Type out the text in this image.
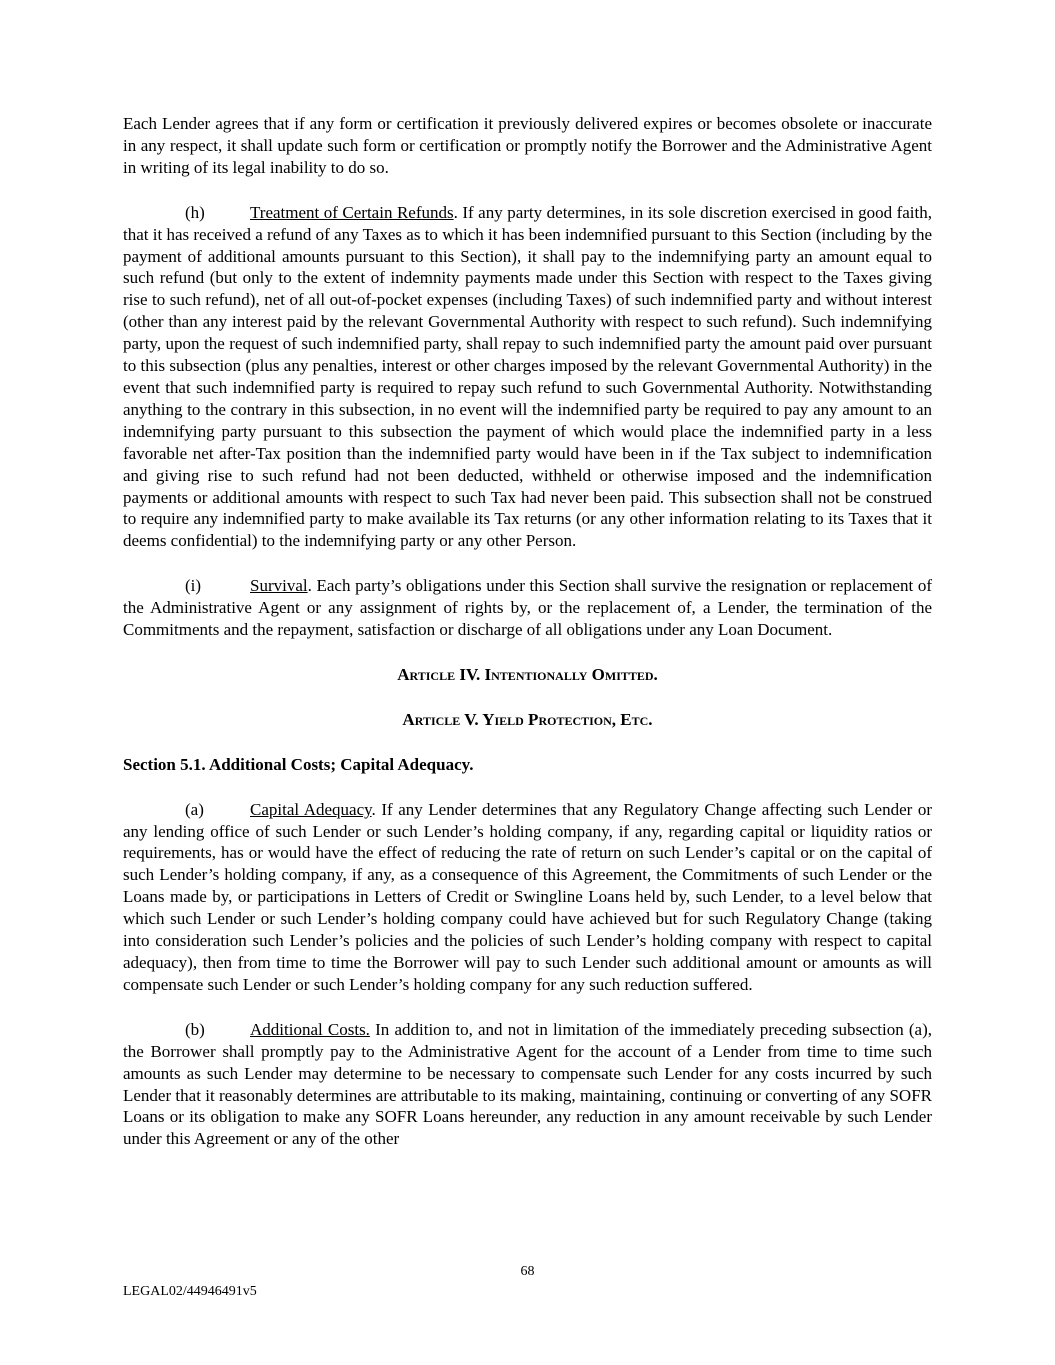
Each Lender agrees that if any form or certification it previously delivered expires or becomes obsolete or inaccurate in any respect, it shall update such form or certification or promptly notify the Borrower and the Administrative Agent in writing of its legal inability to do so.

(h)	Treatment of Certain Refunds. If any party determines, in its sole discretion exercised in good faith, that it has received a refund of any Taxes as to which it has been indemnified pursuant to this Section (including by the payment of additional amounts pursuant to this Section), it shall pay to the indemnifying party an amount equal to such refund (but only to the extent of indemnity payments made under this Section with respect to the Taxes giving rise to such refund), net of all out-of-pocket expenses (including Taxes) of such indemnified party and without interest (other than any interest paid by the relevant Governmental Authority with respect to such refund). Such indemnifying party, upon the request of such indemnified party, shall repay to such indemnified party the amount paid over pursuant to this subsection (plus any penalties, interest or other charges imposed by the relevant Governmental Authority) in the event that such indemnified party is required to repay such refund to such Governmental Authority. Notwithstanding anything to the contrary in this subsection, in no event will the indemnified party be required to pay any amount to an indemnifying party pursuant to this subsection the payment of which would place the indemnified party in a less favorable net after-Tax position than the indemnified party would have been in if the Tax subject to indemnification and giving rise to such refund had not been deducted, withheld or otherwise imposed and the indemnification payments or additional amounts with respect to such Tax had never been paid. This subsection shall not be construed to require any indemnified party to make available its Tax returns (or any other information relating to its Taxes that it deems confidential) to the indemnifying party or any other Person.

(i)	Survival. Each party’s obligations under this Section shall survive the resignation or replacement of the Administrative Agent or any assignment of rights by, or the replacement of, a Lender, the termination of the Commitments and the repayment, satisfaction or discharge of all obligations under any Loan Document.

Article IV. Intentionally Omitted.
Article V. Yield Protection, Etc.
Section 5.1. Additional Costs; Capital Adequacy.

(a)	Capital Adequacy. If any Lender determines that any Regulatory Change affecting such Lender or any lending office of such Lender or such Lender’s holding company, if any, regarding capital or liquidity ratios or requirements, has or would have the effect of reducing the rate of return on such Lender’s capital or on the capital of such Lender’s holding company, if any, as a consequence of this Agreement, the Commitments of such Lender or the Loans made by, or participations in Letters of Credit or Swingline Loans held by, such Lender, to a level below that which such Lender or such Lender’s holding company could have achieved but for such Regulatory Change (taking into consideration such Lender’s policies and the policies of such Lender’s holding company with respect to capital adequacy), then from time to time the Borrower will pay to such Lender such additional amount or amounts as will compensate such Lender or such Lender’s holding company for any such reduction suffered.

(b)	Additional Costs. In addition to, and not in limitation of the immediately preceding subsection (a), the Borrower shall promptly pay to the Administrative Agent for the account of a Lender from time to time such amounts as such Lender may determine to be necessary to compensate such Lender for any costs incurred by such Lender that it reasonably determines are attributable to its making, maintaining, continuing or converting of any SOFR Loans or its obligation to make any SOFR Loans hereunder, any reduction in any amount receivable by such Lender under this Agreement or any of the other

68
LEGAL02/44946491v5
